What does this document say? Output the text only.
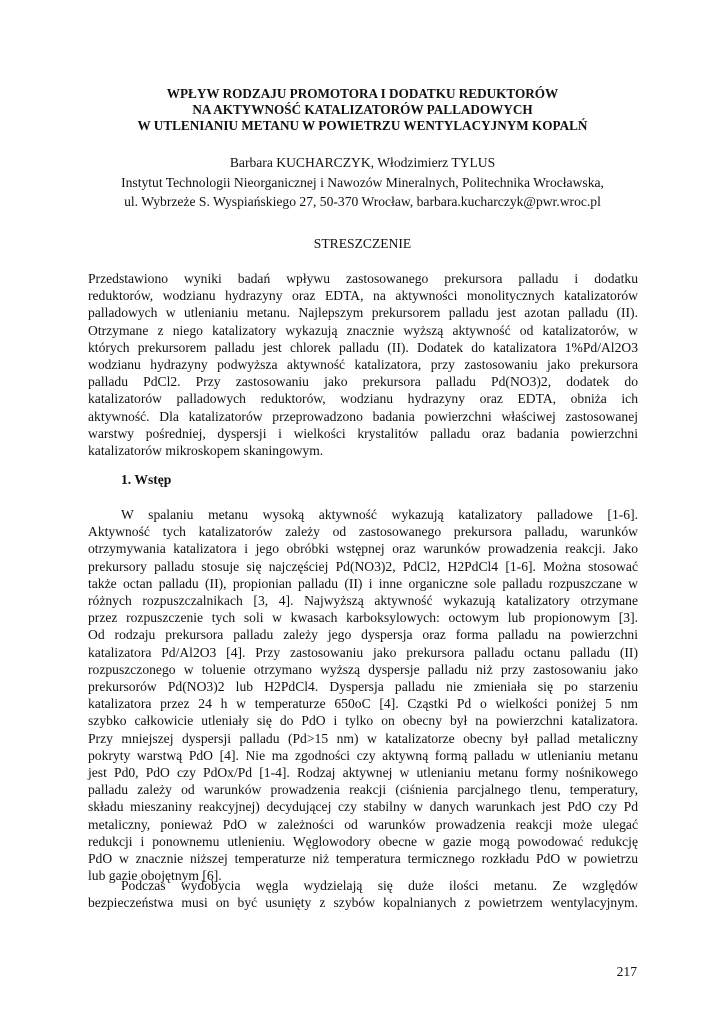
WPŁYW RODZAJU PROMOTORA I DODATKU REDUKTORÓW
NA AKTYWNOŚĆ KATALIZATORÓW PALLADOWYCH
W UTLENIANIU METANU W POWIETRZU WENTYLACYJNYM KOPALŃ
Barbara KUCHARCZYK, Włodzimierz TYLUS
Instytut Technologii Nieorganicznej i Nawozów Mineralnych, Politechnika Wrocławska,
ul. Wybrzeże S. Wyspiańskiego 27, 50-370 Wrocław, barbara.kucharczyk@pwr.wroc.pl
STRESZCZENIE
Przedstawiono wyniki badań wpływu zastosowanego prekursora palladu i dodatku
reduktorów, wodzianu hydrazyny oraz EDTA, na aktywności monolitycznych katalizatorów
palladowych w utlenianiu metanu. Najlepszym prekursorem palladu jest azotan palladu (II).
Otrzymane z niego katalizatory wykazują znacznie wyższą aktywność od katalizatorów, w
których prekursorem palladu jest chlorek palladu (II). Dodatek do katalizatora 1%Pd/Al2O3
wodzianu hydrazyny podwyższa aktywność katalizatora, przy zastosowaniu jako prekursora
palladu PdCl2. Przy zastosowaniu jako prekursora palladu Pd(NO3)2, dodatek do
katalizatorów palladowych reduktorów, wodzianu hydrazyny oraz EDTA, obniża ich
aktywność. Dla katalizatorów przeprowadzono badania powierzchni właściwej zastosowanej
warstwy pośredniej, dyspersji i wielkości krystalitów palladu oraz badania powierzchni
katalizatorów mikroskopem skaningowym.
1. Wstęp
W spalaniu metanu wysoką aktywność wykazują katalizatory palladowe [1-6].
Aktywność tych katalizatorów zależy od zastosowanego prekursora palladu, warunków
otrzymywania katalizatora i jego obróbki wstępnej oraz warunków prowadzenia reakcji. Jako
prekursory palladu stosuje się najczęściej Pd(NO3)2, PdCl2, H2PdCl4 [1-6]. Można stosować
także octan palladu (II), propionian palladu (II) i inne organiczne sole palladu rozpuszczane w
różnych rozpuszczalnikach [3, 4]. Najwyższą aktywność wykazują katalizatory otrzymane
przez rozpuszczenie tych soli w kwasach karboksylowych: octowym lub propionowym [3].
Od rodzaju prekursora palladu zależy jego dyspersja oraz forma palladu na powierzchni
katalizatora Pd/Al2O3 [4]. Przy zastosowaniu jako prekursora palladu octanu palladu (II)
rozpuszczonego w toluenie otrzymano wyższą dyspersje palladu niż przy zastosowaniu jako
prekursorów Pd(NO3)2 lub H2PdCl4. Dyspersja palladu nie zmieniała się po starzeniu
katalizatora przez 24 h w temperaturze 650oC [4]. Cząstki Pd o wielkości poniżej 5 nm
szybko całkowicie utleniały się do PdO i tylko on obecny był na powierzchni katalizatora.
Przy mniejszej dyspersji palladu (Pd>15 nm) w katalizatorze obecny był pallad metaliczny
pokryty warstwą PdO [4]. Nie ma zgodności czy aktywną formą palladu w utlenianiu metanu
jest Pd0, PdO czy PdOx/Pd [1-4]. Rodzaj aktywnej w utlenianiu metanu formy nośnikowego
palladu zależy od warunków prowadzenia reakcji (ciśnienia parcjalnego tlenu, temperatury,
składu mieszaniny reakcyjnej) decydującej czy stabilny w danych warunkach jest PdO czy Pd
metaliczny, ponieważ PdO w zależności od warunków prowadzenia reakcji może ulegać
redukcji i ponownemu utlenieniu. Węglowodory obecne w gazie mogą powodować redukcję
PdO w znacznie niższej temperaturze niż temperatura termicznego rozkładu PdO w powietrzu
lub gazie obojętnym [6].
Podczas wydobycia węgla wydzielają się duże ilości metanu. Ze względów
bezpieczeństwa musi on być usunięty z szybów kopalnianych z powietrzem wentylacyjnym.
217
